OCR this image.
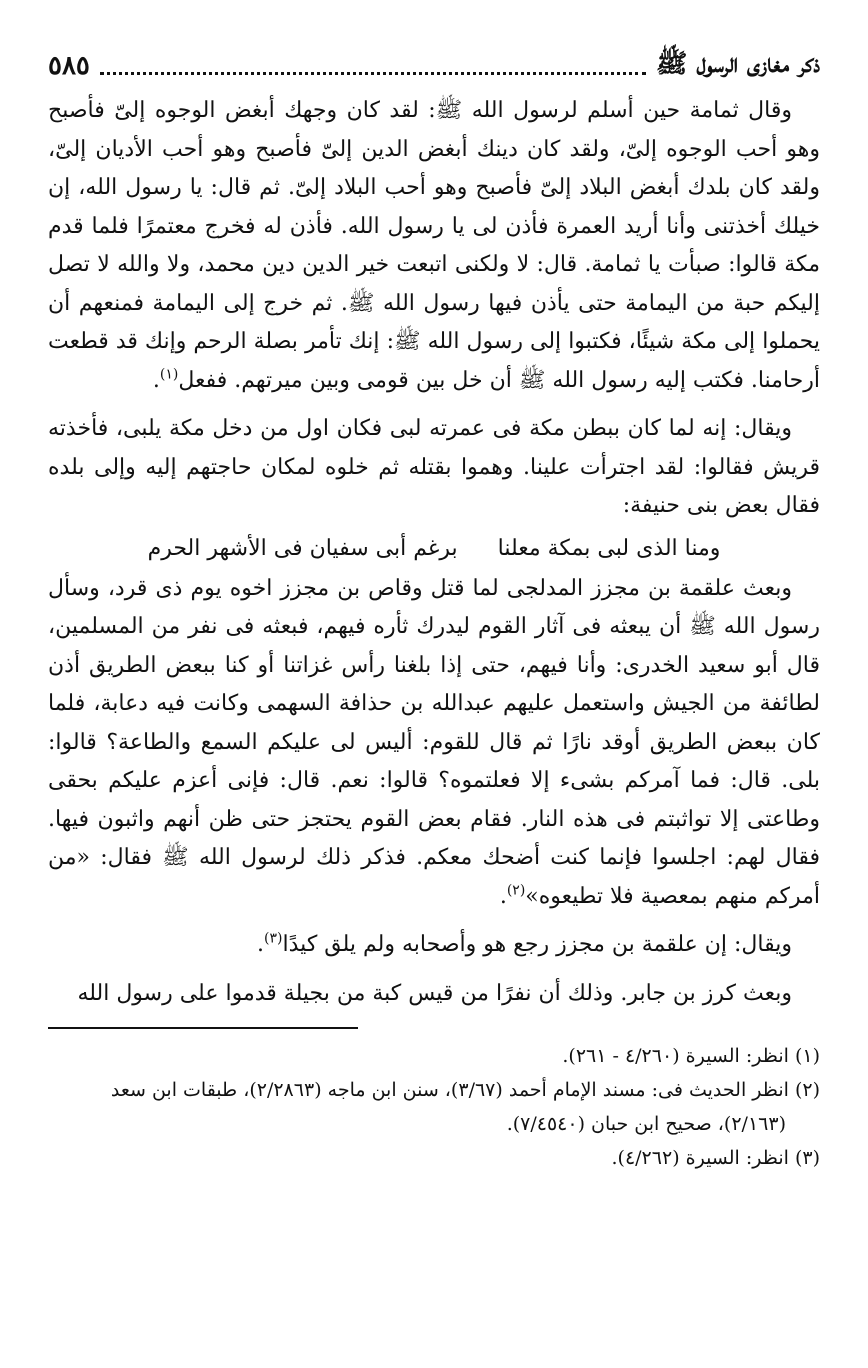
ذكر مغازى الرسول ﷺ
٥٨٥

وقال ثمامة حين أسلم لرسول الله ﷺ: لقد كان وجهك أبغض الوجوه إلىّ فأصبح وهو أحب الوجوه إلىّ، ولقد كان دينك أبغض الدين إلىّ فأصبح وهو أحب الأديان إلىّ، ولقد كان بلدك أبغض البلاد إلىّ فأصبح وهو أحب البلاد إلىّ. ثم قال: يا رسول الله، إن خيلك أخذتنى وأنا أريد العمرة فأذن لى يا رسول الله. فأذن له فخرج معتمرًا فلما قدم مكة قالوا: صبأت يا ثمامة. قال: لا ولكنى اتبعت خير الدين دين محمد، ولا والله لا تصل إليكم حبة من اليمامة حتى يأذن فيها رسول الله ﷺ. ثم خرج إلى اليمامة فمنعهم أن يحملوا إلى مكة شيئًا، فكتبوا إلى رسول الله ﷺ: إنك تأمر بصلة الرحم وإنك قد قطعت أرحامنا. فكتب إليه رسول الله ﷺ أن خل بين قومى وبين ميرتهم. ففعل$^{(١)}$.

ويقال: إنه لما كان ببطن مكة فى عمرته لبى فكان اول من دخل مكة يلبى، فأخذته قريش فقالوا: لقد اجترأت علينا. وهموا بقتله ثم خلوه لمكان حاجتهم إليه وإلى بلده فقال بعض بنى حنيفة:

ومنا الذى لبى بمكة معلنا
برغم أبى سفيان فى الأشهر الحرم

وبعث علقمة بن مجزز المدلجى لما قتل وقاص بن مجزز اخوه يوم ذى قرد، وسأل رسول الله ﷺ أن يبعثه فى آثار القوم ليدرك ثأره فيهم، فبعثه فى نفر من المسلمين، قال أبو سعيد الخدرى: وأنا فيهم، حتى إذا بلغنا رأس غزاتنا أو كنا ببعض الطريق أذن لطائفة من الجيش واستعمل عليهم عبدالله بن حذافة السهمى وكانت فيه دعابة، فلما كان ببعض الطريق أوقد نارًا ثم قال للقوم: أليس لى عليكم السمع والطاعة؟ قالوا: بلى. قال: فما آمركم بشىء إلا فعلتموه؟ قالوا: نعم. قال: فإنى أعزم عليكم بحقى وطاعتى إلا تواثبتم فى هذه النار. فقام بعض القوم يحتجز حتى ظن أنهم واثبون فيها. فقال لهم: اجلسوا فإنما كنت أضحك معكم. فذكر ذلك لرسول الله ﷺ فقال: «من أمركم منهم بمعصية فلا تطيعوه»$^{(٢)}$.

ويقال: إن علقمة بن مجزز رجع هو وأصحابه ولم يلق كيدًا$^{(٣)}$.

وبعث كرز بن جابر. وذلك أن نفرًا من قيس كبة من بجيلة قدموا على رسول الله

(١) انظر: السيرة (٤/٢٦٠ - ٢٦١).

(٢) انظر الحديث فى: مسند الإمام أحمد (٣/٦٧)، سنن ابن ماجه (٢/٢٨٦٣)، طبقات ابن سعد

(٢/١٦٣)، صحيح ابن حبان (٧/٤٥٤٠).

(٣) انظر: السيرة (٤/٢٦٢).
